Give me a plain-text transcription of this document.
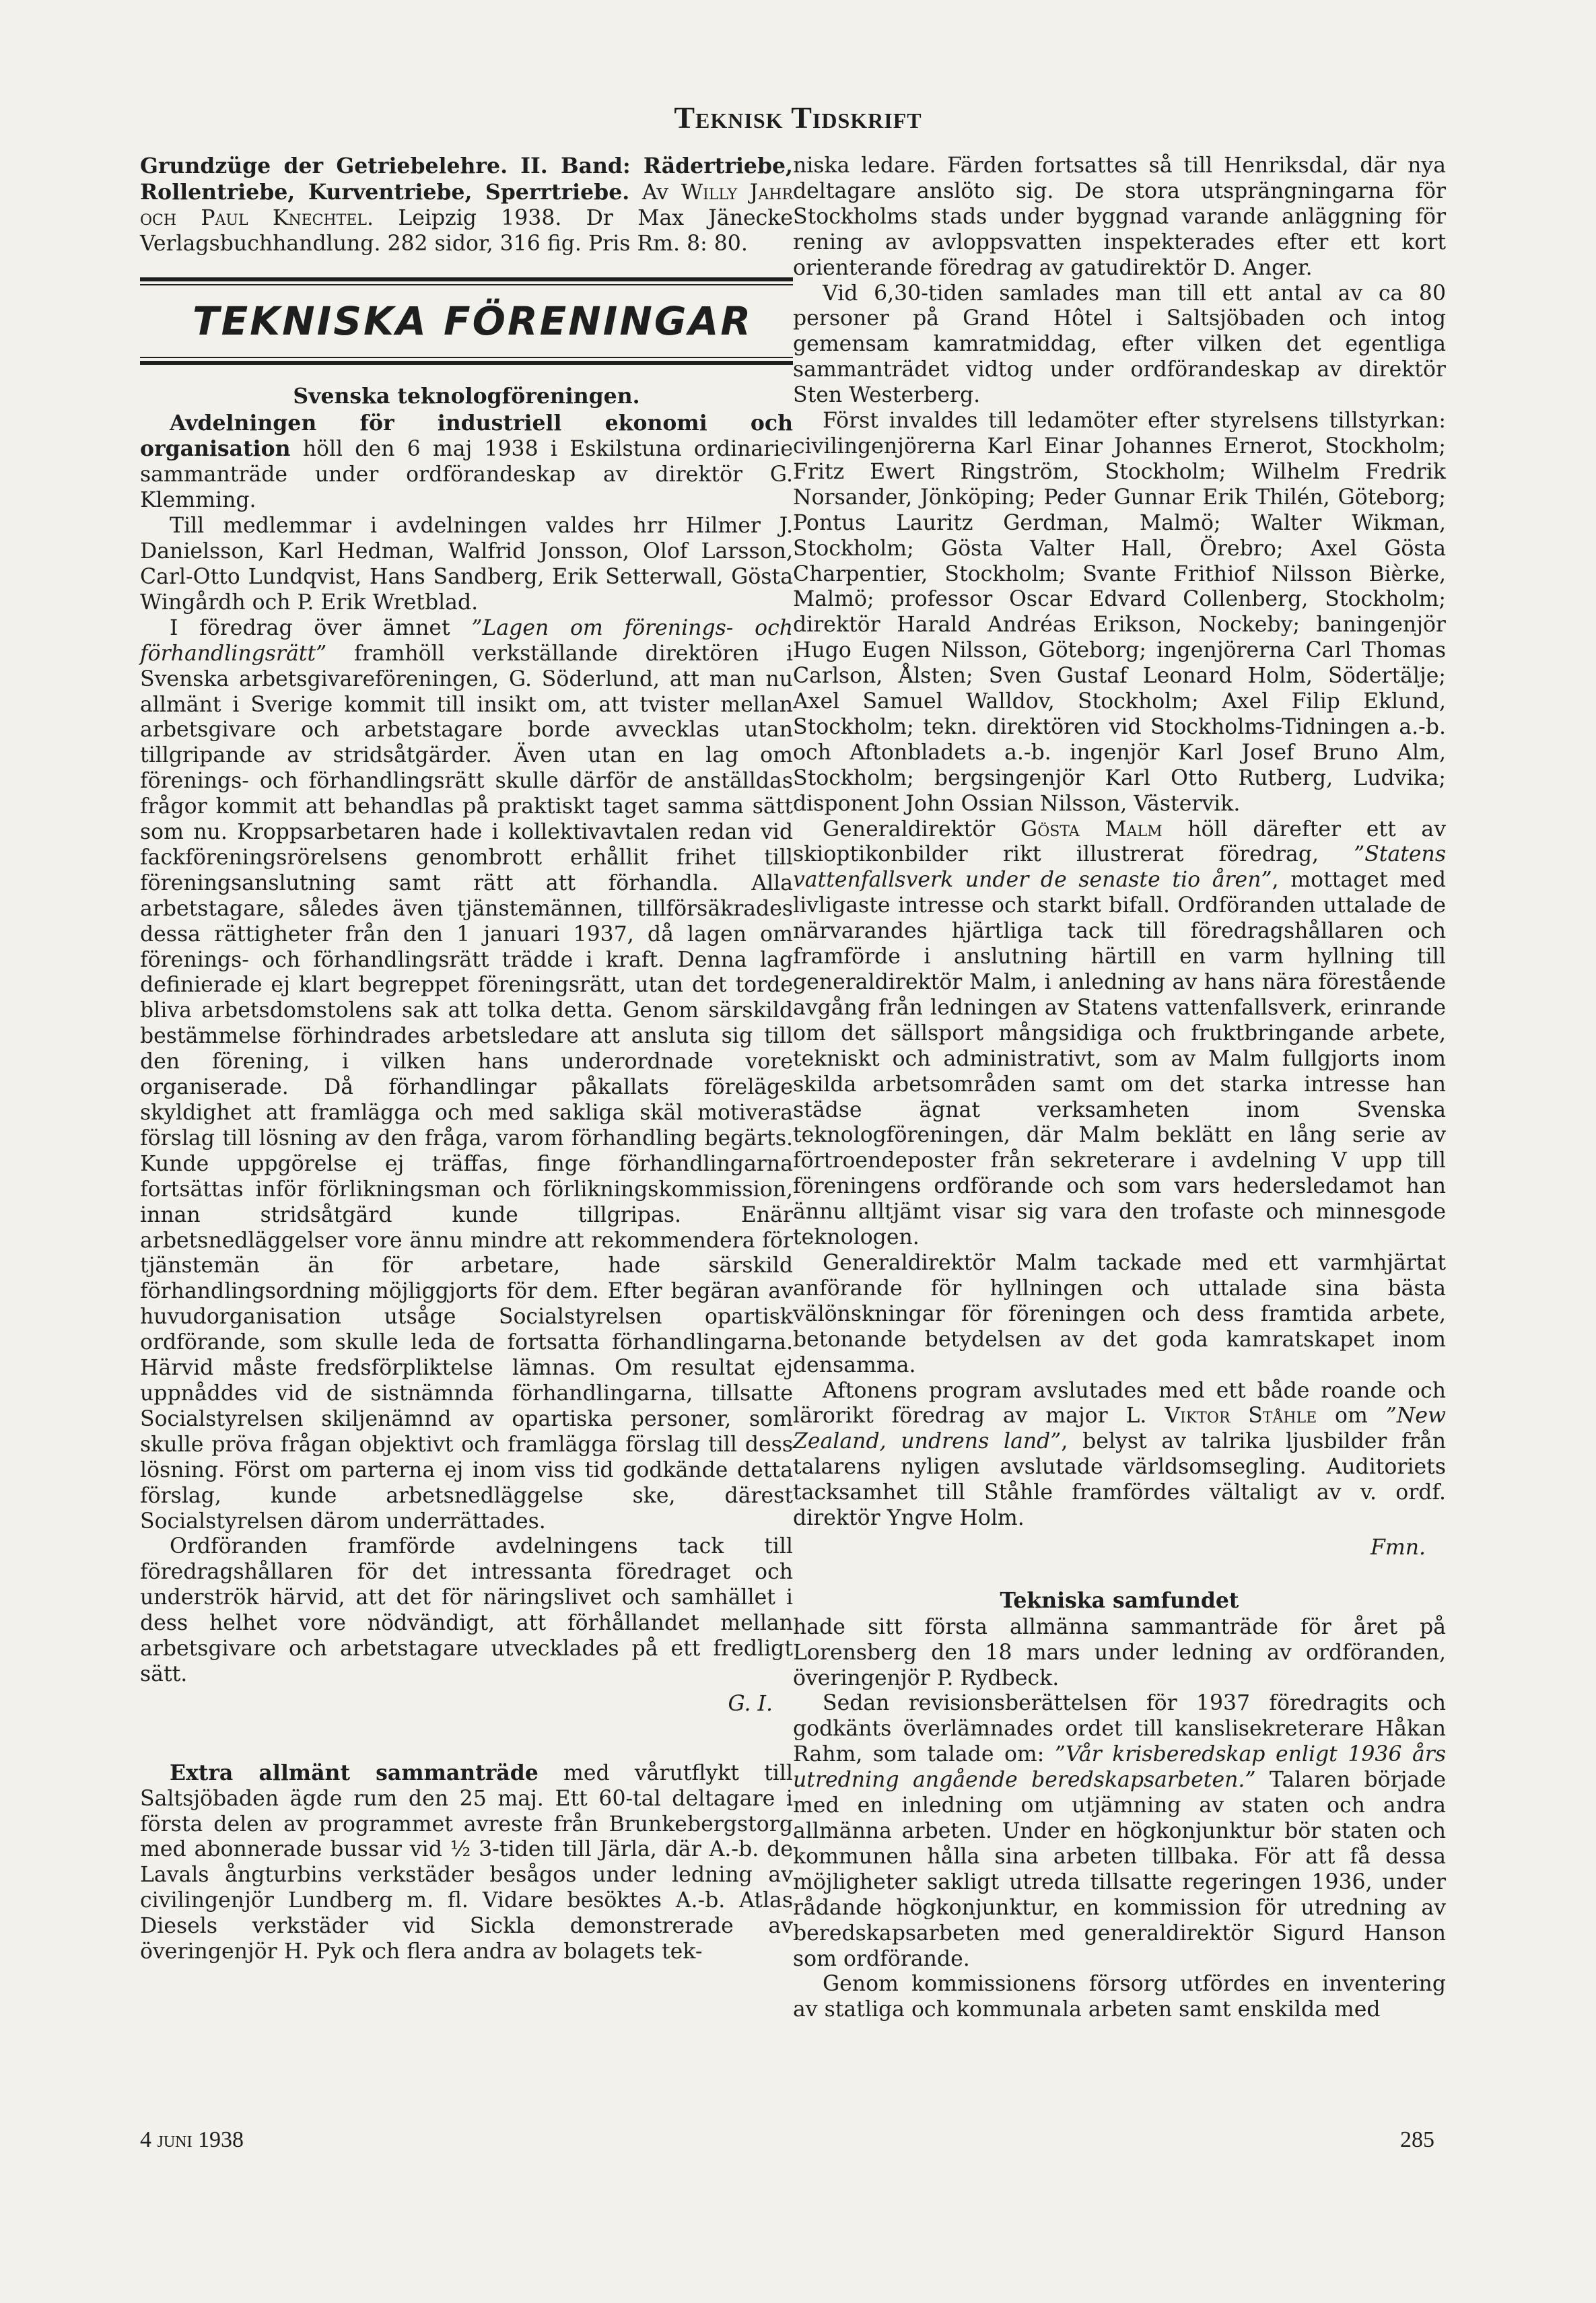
Teknisk Tidskrift

Grundzüge der Getriebelehre. II. Band: Rädertriebe, Rollentriebe, Kurventriebe, Sperrtriebe. Av Willy Jahr och Paul Knechtel. Leipzig 1938. Dr Max Jänecke Verlagsbuchhandlung. 282 sidor, 316 fig. Pris Rm. 8: 80.

TEKNISKA FÖRENINGAR

Svenska teknologföreningen.

Avdelningen för industriell ekonomi och organisation höll den 6 maj 1938 i Eskilstuna ordinarie sammanträde under ordförandeskap av direktör G. Klemming.

Till medlemmar i avdelningen valdes hrr Hilmer J. Danielsson, Karl Hedman, Walfrid Jonsson, Olof Larsson, Carl-Otto Lundqvist, Hans Sandberg, Erik Setterwall, Gösta Wingårdh och P. Erik Wretblad.

I föredrag över ämnet ”Lagen om förenings- och förhandlingsrätt” framhöll verkställande direktören i Svenska arbetsgivareföreningen, G. Söderlund, att man nu allmänt i Sverige kommit till insikt om, att tvister mellan arbetsgivare och arbetstagare borde avvecklas utan tillgripande av stridsåtgärder. Även utan en lag om förenings- och förhandlingsrätt skulle därför de anställdas frågor kommit att behandlas på praktiskt taget samma sätt som nu. Kroppsarbetaren hade i kollektivavtalen redan vid fackföreningsrörelsens genombrott erhållit frihet till föreningsanslutning samt rätt att förhandla. Alla arbetstagare, således även tjänstemännen, tillförsäkrades dessa rättigheter från den 1 januari 1937, då lagen om förenings- och förhandlingsrätt trädde i kraft. Denna lag definierade ej klart begreppet föreningsrätt, utan det torde bliva arbetsdomstolens sak att tolka detta. Genom särskild bestämmelse förhindrades arbetsledare att ansluta sig till den förening, i vilken hans underordnade vore organiserade. Då förhandlingar påkallats föreläge skyldighet att framlägga och med sakliga skäl motivera förslag till lösning av den fråga, varom förhandling begärts. Kunde uppgörelse ej träffas, finge förhandlingarna fortsättas inför förlikningsman och förlikningskommission, innan stridsåtgärd kunde tillgripas. Enär arbetsnedläggelser vore ännu mindre att rekommendera för tjänstemän än för arbetare, hade särskild förhandlingsordning möjliggjorts för dem. Efter begäran av huvudorganisation utsåge Socialstyrelsen opartisk ordförande, som skulle leda de fortsatta förhandlingarna. Härvid måste fredsförpliktelse lämnas. Om resultat ej uppnåddes vid de sistnämnda förhandlingarna, tillsatte Socialstyrelsen skiljenämnd av opartiska personer, som skulle pröva frågan objektivt och framlägga förslag till dess lösning. Först om parterna ej inom viss tid godkände detta förslag, kunde arbetsnedläggelse ske, därest Socialstyrelsen därom underrättades.

Ordföranden framförde avdelningens tack till föredragshållaren för det intressanta föredraget och underströk härvid, att det för näringslivet och samhället i dess helhet vore nödvändigt, att förhållandet mellan arbetsgivare och arbetstagare utvecklades på ett fredligt sätt.

G. I.

Extra allmänt sammanträde med vårutflykt till Saltsjöbaden ägde rum den 25 maj. Ett 60-tal deltagare i första delen av programmet avreste från Brunkebergstorg med abonnerade bussar vid ½ 3-tiden till Järla, där A.-b. de Lavals ångturbins verkstäder besågos under ledning av civilingenjör Lundberg m. fl. Vidare besöktes A.-b. Atlas Diesels verkstäder vid Sickla demonstrerade av överingenjör H. Pyk och flera andra av bolagets tek-

niska ledare. Färden fortsattes så till Henriksdal, där nya deltagare anslöto sig. De stora utsprängningarna för Stockholms stads under byggnad varande anläggning för rening av avloppsvatten inspekterades efter ett kort orienterande föredrag av gatudirektör D. Anger.

Vid 6,30-tiden samlades man till ett antal av ca 80 personer på Grand Hôtel i Saltsjöbaden och intog gemensam kamratmiddag, efter vilken det egentliga sammanträdet vidtog under ordförandeskap av direktör Sten Westerberg.

Först invaldes till ledamöter efter styrelsens tillstyrkan: civilingenjörerna Karl Einar Johannes Ernerot, Stockholm; Fritz Ewert Ringström, Stockholm; Wilhelm Fredrik Norsander, Jönköping; Peder Gunnar Erik Thilén, Göteborg; Pontus Lauritz Gerdman, Malmö; Walter Wikman, Stockholm; Gösta Valter Hall, Örebro; Axel Gösta Charpentier, Stockholm; Svante Frithiof Nilsson Bièrke, Malmö; professor Oscar Edvard Collenberg, Stockholm; direktör Harald Andréas Erikson, Nockeby; baningenjör Hugo Eugen Nilsson, Göteborg; ingenjörerna Carl Thomas Carlson, Ålsten; Sven Gustaf Leonard Holm, Södertälje; Axel Samuel Walldov, Stockholm; Axel Filip Eklund, Stockholm; tekn. direktören vid Stockholms-Tidningen a.-b. och Aftonbladets a.-b. ingenjör Karl Josef Bruno Alm, Stockholm; bergsingenjör Karl Otto Rutberg, Ludvika; disponent John Ossian Nilsson, Västervik.

Generaldirektör Gösta Malm höll därefter ett av skioptikonbilder rikt illustrerat föredrag, ”Statens vattenfallsverk under de senaste tio åren”, mottaget med livligaste intresse och starkt bifall. Ordföranden uttalade de närvarandes hjärtliga tack till föredragshållaren och framförde i anslutning härtill en varm hyllning till generaldirektör Malm, i anledning av hans nära förestående avgång från ledningen av Statens vattenfallsverk, erinrande om det sällsport mångsidiga och fruktbringande arbete, tekniskt och administrativt, som av Malm fullgjorts inom skilda arbetsområden samt om det starka intresse han städse ägnat verksamheten inom Svenska teknologföreningen, där Malm beklätt en lång serie av förtroendeposter från sekreterare i avdelning V upp till föreningens ordförande och som vars hedersledamot han ännu alltjämt visar sig vara den trofaste och minnesgode teknologen.

Generaldirektör Malm tackade med ett varmhjärtat anförande för hyllningen och uttalade sina bästa välönskningar för föreningen och dess framtida arbete, betonande betydelsen av det goda kamratskapet inom densamma.

Aftonens program avslutades med ett både roande och lärorikt föredrag av major L. Viktor Ståhle om ”New Zealand, undrens land”, belyst av talrika ljusbilder från talarens nyligen avslutade världsomsegling. Auditoriets tacksamhet till Ståhle framfördes vältaligt av v. ordf. direktör Yngve Holm.

Fmn.

Tekniska samfundet

hade sitt första allmänna sammanträde för året på Lorensberg den 18 mars under ledning av ordföranden, överingenjör P. Rydbeck.

Sedan revisionsberättelsen för 1937 föredragits och godkänts överlämnades ordet till kanslisekreterare Håkan Rahm, som talade om: ”Vår krisberedskap enligt 1936 års utredning angående beredskapsarbeten.” Talaren började med en inledning om utjämning av staten och andra allmänna arbeten. Under en högkonjunktur bör staten och kommunen hålla sina arbeten tillbaka. För att få dessa möjligheter sakligt utreda tillsatte regeringen 1936, under rådande högkonjunktur, en kommission för utredning av beredskapsarbeten med generaldirektör Sigurd Hanson som ordförande.

Genom kommissionens försorg utfördes en inventering av statliga och kommunala arbeten samt enskilda med

4 juni 1938	285
